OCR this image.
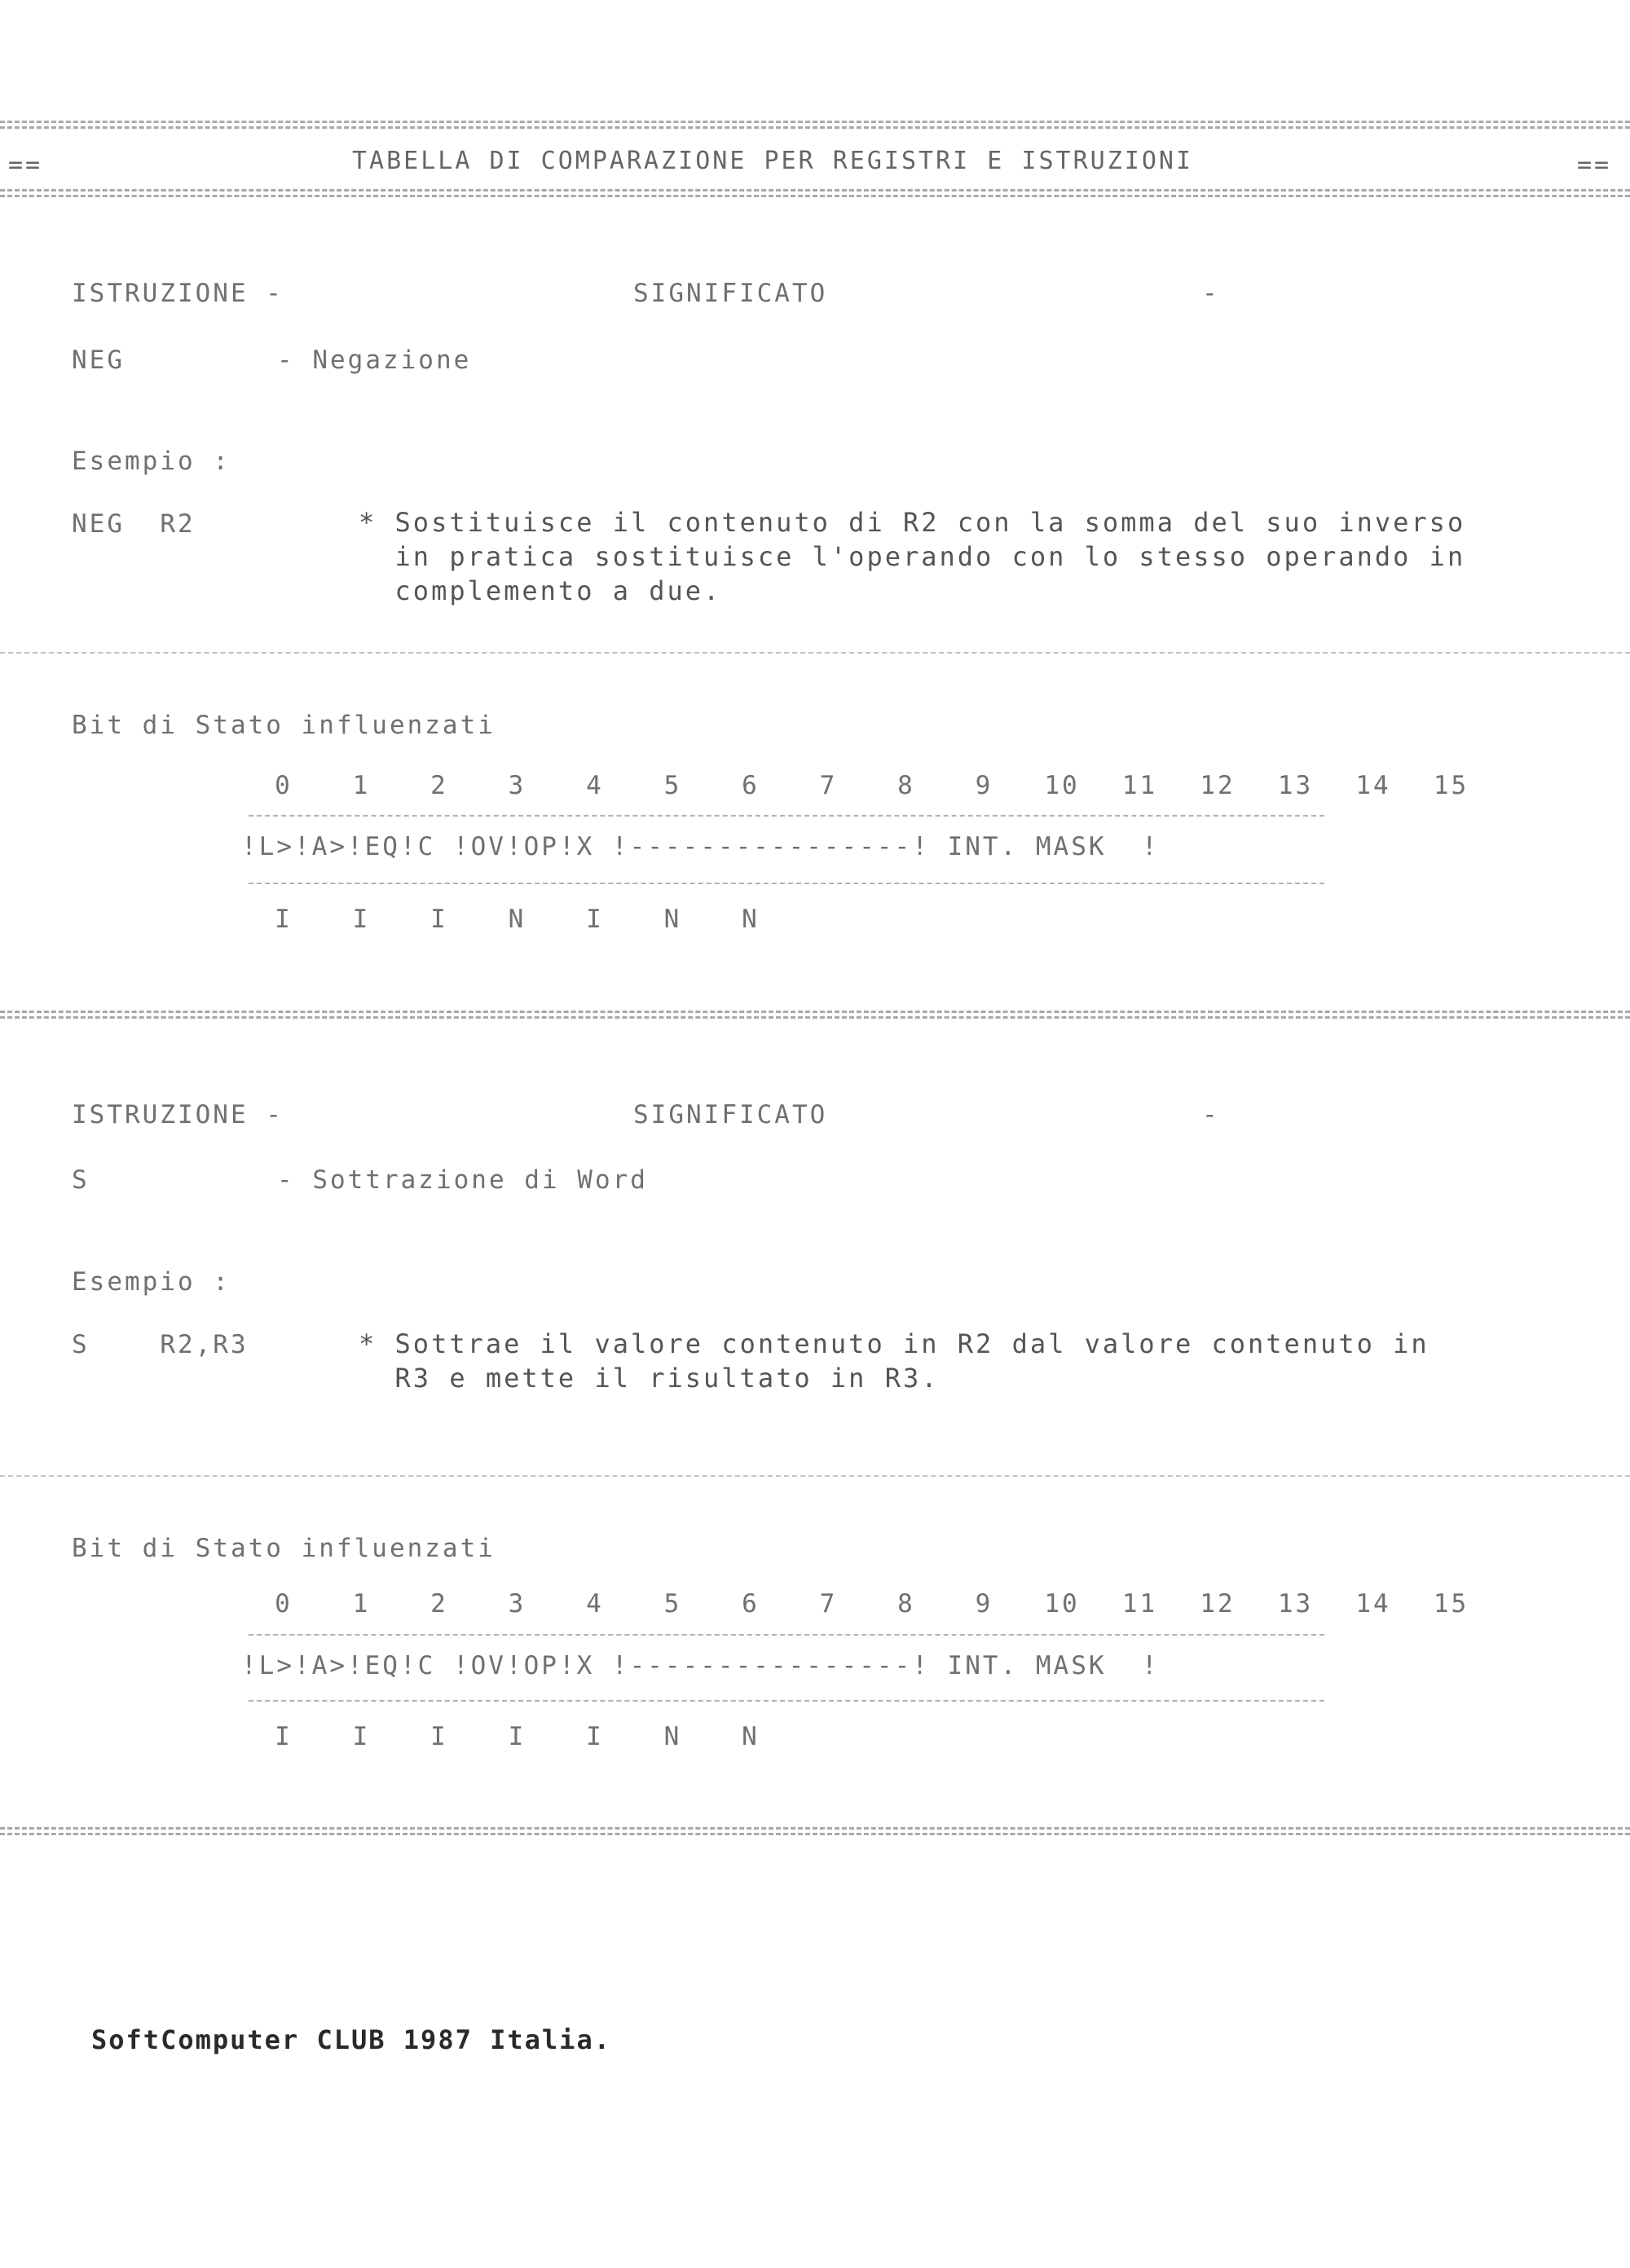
==	TABELLA DI COMPARAZIONE PER REGISTRI E ISTRUZIONI	==
ISTRUZIONE -	SIGNIFICATO	-
NEG	- Negazione
Esempio :
NEG  R2	* Sostituisce il contenuto di R2 con la somma del suo inverso
in pratica sostituisce l'operando con lo stesso operando in
complemento a due.
Bit di Stato influenzati
0	1	2	3	4	5	6	7	8	9	10 11 12 13 14 15
!L>!A>!EQ!C !OV!OP!X !----------------! INT. MASK  !
I	I	I	N	I	N	N
ISTRUZIONE -	SIGNIFICATO	-
S	- Sottrazione di Word
Esempio :
S    R2,R3	* Sottrae il valore contenuto in R2 dal valore contenuto in
R3 e mette il risultato in R3.
Bit di Stato influenzati
0	1	2	3	4	5	6	7	8	9	10 11 12 13 14 15
!L>!A>!EQ!C !OV!OP!X !----------------! INT. MASK  !
I	I	I	I	I	N	N
SoftComputer CLUB 1987 Italia.
